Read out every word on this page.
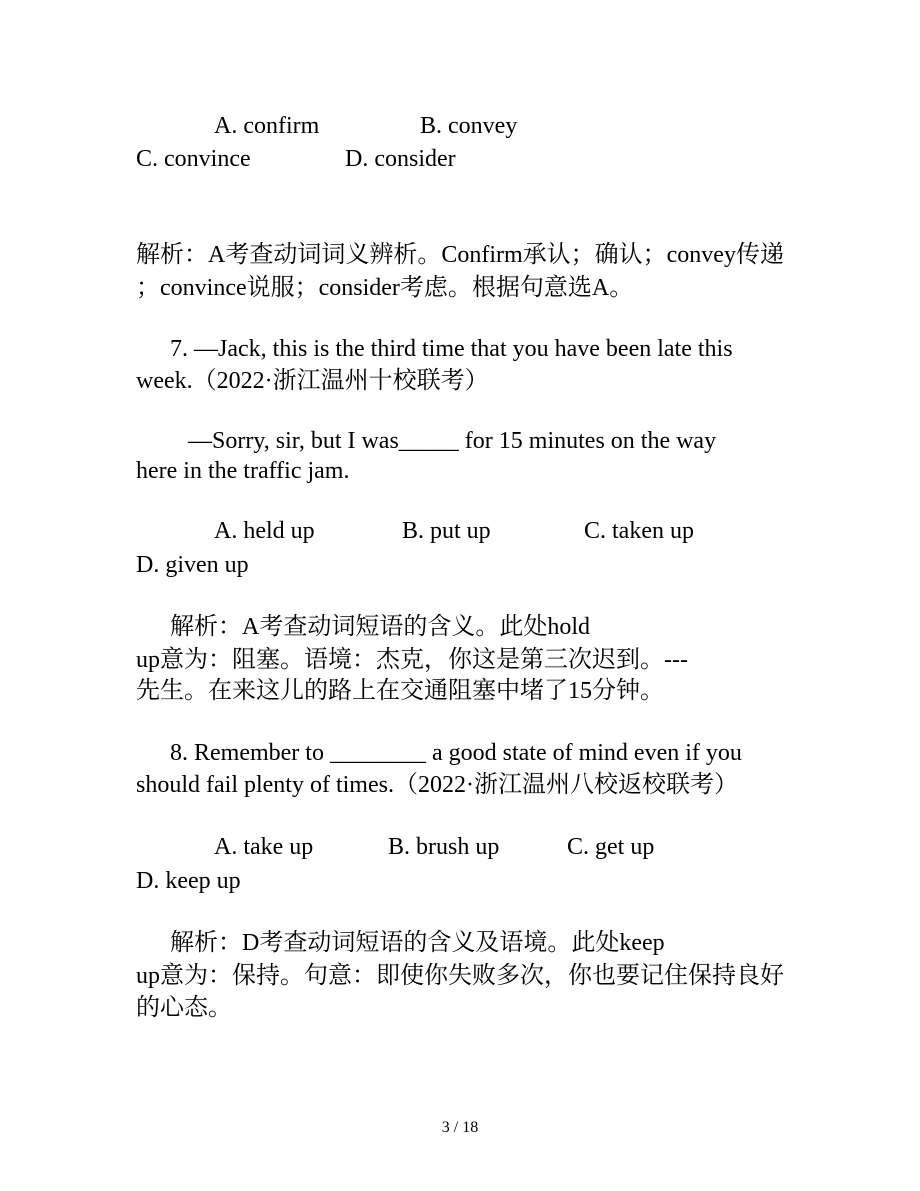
A. confirm	B. convey
C. convince	D. consider
解析：A考查动词词义辨析。Confirm承认；确认；convey传递
；convince说服；consider考虑。根据句意选A。
7. —Jack, this is the third time that you have been late this
week.（2022·浙江温州十校联考）
—Sorry, sir, but I was_____ for 15 minutes on the way
here in the traffic jam.
A. held up	B. put up	C. taken up
D. given up
解析：A考查动词短语的含义。此处hold
up意为：阻塞。语境：杰克，你这是第三次迟到。---
先生。在来这儿的路上在交通阻塞中堵了15分钟。
8. Remember to ________ a good state of mind even if you
should fail plenty of times.（2022·浙江温州八校返校联考）
A. take up	B. brush up	C. get up
D. keep up
解析：D考查动词短语的含义及语境。此处keep
up意为：保持。句意：即使你失败多次，你也要记住保持良好
的心态。
3 / 18
